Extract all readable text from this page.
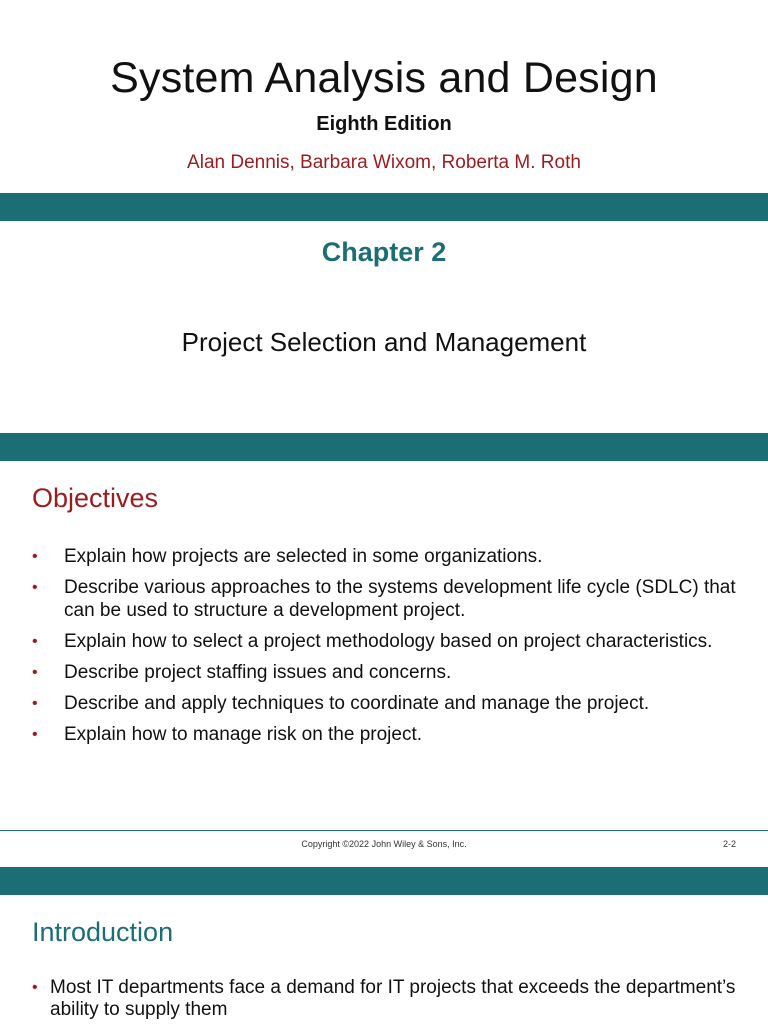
System Analysis and Design
Eighth Edition
Alan Dennis, Barbara Wixom, Roberta M. Roth
Chapter 2
Project Selection and Management
Objectives
• Explain how projects are selected in some organizations.
• Describe various approaches to the systems development life cycle (SDLC) that can be used to structure a development project.
• Explain how to select a project methodology based on project characteristics.
• Describe project staffing issues and concerns.
• Describe and apply techniques to coordinate and manage the project.
• Explain how to manage risk on the project.
Copyright ©2022 John Wiley & Sons, Inc.	2-2
Introduction
• Most IT departments face a demand for IT projects that exceeds the department’s ability to supply them
